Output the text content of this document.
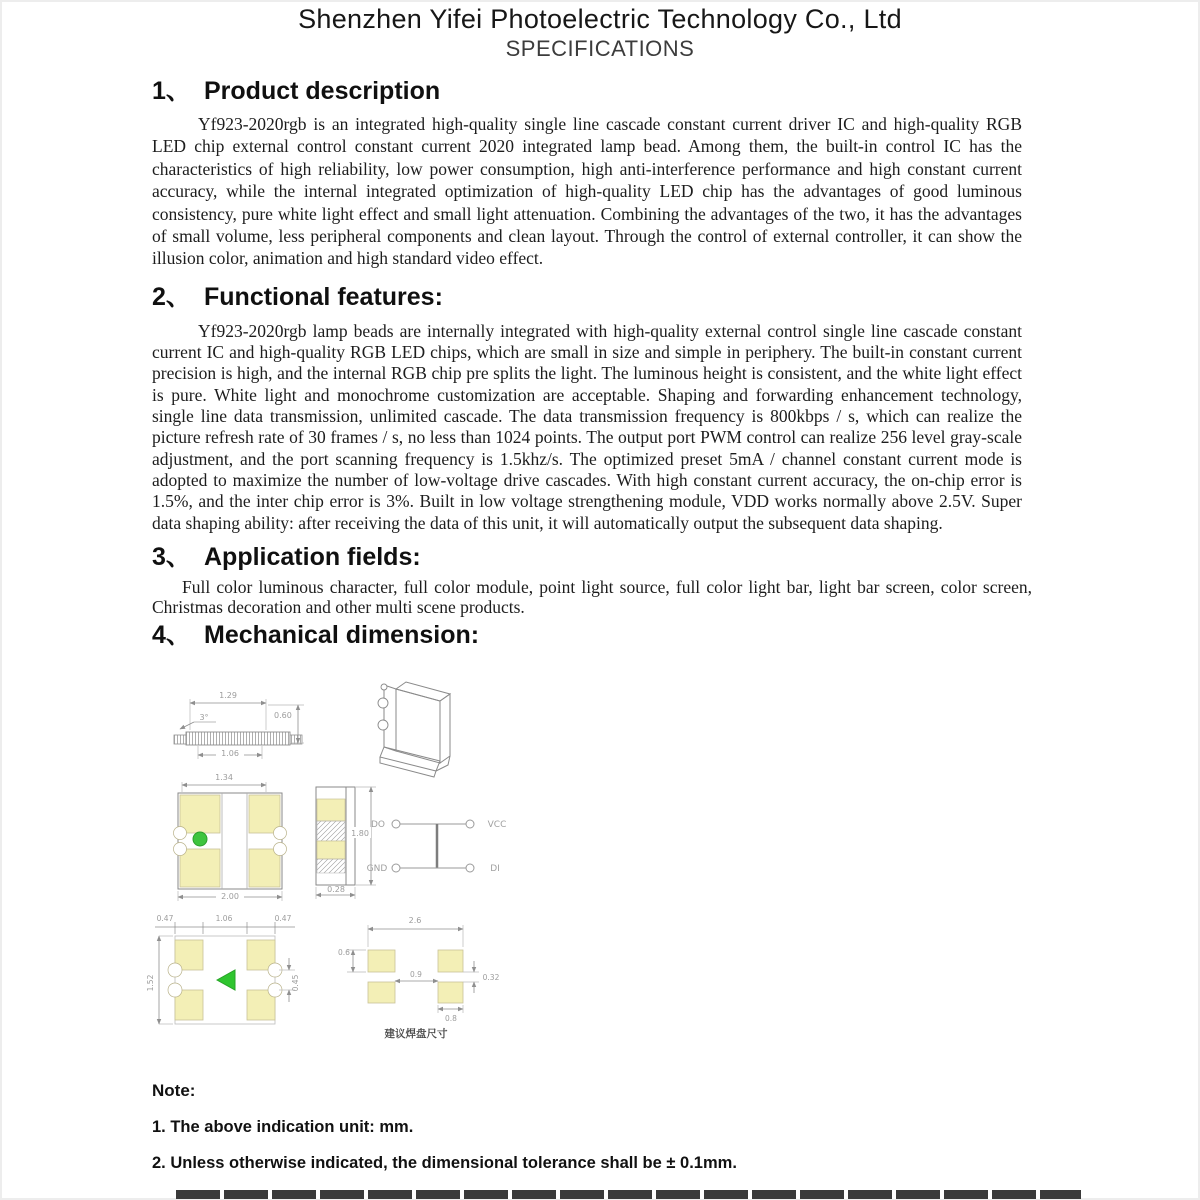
Shenzhen Yifei Photoelectric Technology Co., Ltd
SPECIFICATIONS
1、 Product description

Yf923-2020rgb is an integrated high-quality single line cascade constant current driver IC and high-quality RGB LED chip external control constant current 2020 integrated lamp bead. Among them, the built-in control IC has the characteristics of high reliability, low power consumption, high anti-interference performance and high constant current accuracy, while the internal integrated optimization of high-quality LED chip has the advantages of good luminous consistency, pure white light effect and small light attenuation. Combining the advantages of the two, it has the advantages of small volume, less peripheral components and clean layout. Through the control of external controller, it can show the illusion color, animation and high standard video effect.

2、 Functional features:

Yf923-2020rgb lamp beads are internally integrated with high-quality external control single line cascade constant current IC and high-quality RGB LED chips, which are small in size and simple in periphery. The built-in constant current precision is high, and the internal RGB chip pre splits the light. The luminous height is consistent, and the white light effect is pure. White light and monochrome customization are acceptable. Shaping and forwarding enhancement technology, single line data transmission, unlimited cascade. The data transmission frequency is 800kbps / s, which can realize the picture refresh rate of 30 frames / s, no less than 1024 points. The output port PWM control can realize 256 level gray-scale adjustment, and the port scanning frequency is 1.5khz/s. The optimized preset 5mA / channel constant current mode is adopted to maximize the number of low-voltage drive cascades. With high constant current accuracy, the on-chip error is 1.5%, and the inter chip error is 3%. Built in low voltage strengthening module, VDD works normally above 2.5V. Super data shaping ability: after receiving the data of this unit, it will automatically output the subsequent data shaping.

3、 Application fields:

Full color luminous character, full color module, point light source, full color light bar, light bar screen, color screen, Christmas decoration and other multi scene products.

4、 Mechanical dimension:
1.29
3°	0.60
1.06
1.34
2.00
1.80
0.28
DO	VCC
GND	DI
0.47	1.06	0.47
1.52	0.45
2.6
0.6
0.9	0.32
0.8
建议焊盘尺寸
Note:
1. The above indication unit: mm.
2. Unless otherwise indicated, the dimensional tolerance shall be ± 0.1mm.
